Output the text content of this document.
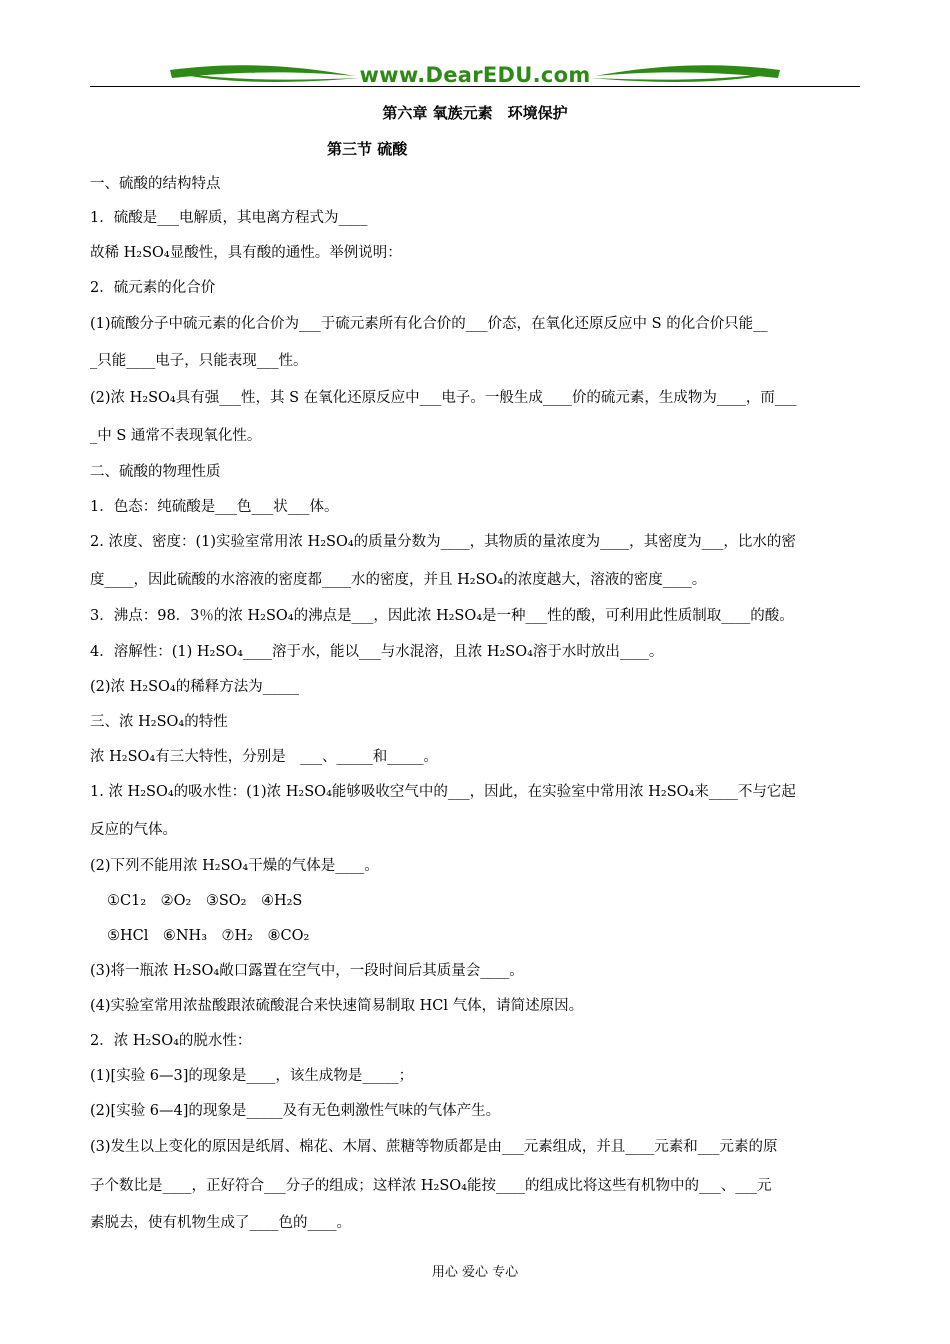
www.DearEDU.com
第六章 氧族元素　环境保护
第三节 硫酸
一、硫酸的结构特点
1．硫酸是___电解质，其电离方程式为____
故稀 H₂SO₄显酸性，具有酸的通性。举例说明：
2．硫元素的化合价
(1)硫酸分子中硫元素的化合价为___于硫元素所有化合价的___价态，在氧化还原反应中 S 的化合价只能__
_只能____电子，只能表现___性。
(2)浓 H₂SO₄具有强___性，其 S 在氧化还原反应中___电子。一般生成____价的硫元素，生成物为____，而___
_中 S 通常不表现氧化性。
二、硫酸的物理性质
1．色态：纯硫酸是___色___状___体。
2. 浓度、密度：(1)实验室常用浓 H₂SO₄的质量分数为____，其物质的量浓度为____，其密度为___，比水的密
度____，因此硫酸的水溶液的密度都____水的密度，并且 H₂SO₄的浓度越大，溶液的密度____。
3．沸点：98．3％的浓 H₂SO₄的沸点是___，因此浓 H₂SO₄是一种___性的酸，可利用此性质制取____的酸。
4．溶解性：(1) H₂SO₄____溶于水，能以___与水混溶，且浓 H₂SO₄溶于水时放出____。
(2)浓 H₂SO₄的稀释方法为_____
三、浓 H₂SO₄的特性
浓 H₂SO₄有三大特性，分别是　___、_____和_____。
1. 浓 H₂SO₄的吸水性：(1)浓 H₂SO₄能够吸收空气中的___，因此，在实验室中常用浓 H₂SO₄来____不与它起
反应的气体。
(2)下列不能用浓 H₂SO₄干燥的气体是____。
①C1₂　②O₂　③SO₂　④H₂S
⑤HCl　⑥NH₃　⑦H₂　⑧CO₂
(3)将一瓶浓 H₂SO₄敞口露置在空气中，一段时间后其质量会____。
(4)实验室常用浓盐酸跟浓硫酸混合来快速简易制取 HCl 气体，请简述原因。
2．浓 H₂SO₄的脱水性：
(1)[实验 6—3]的现象是____，该生成物是_____；
(2)[实验 6—4]的现象是_____及有无色刺激性气味的气体产生。
(3)发生以上变化的原因是纸屑、棉花、木屑、蔗糖等物质都是由___元素组成，并且____元素和___元素的原
子个数比是____，正好符合___分子的组成；这样浓 H₂SO₄能按____的组成比将这些有机物中的___、___元
素脱去，使有机物生成了____色的____。
用心 爱心 专心
